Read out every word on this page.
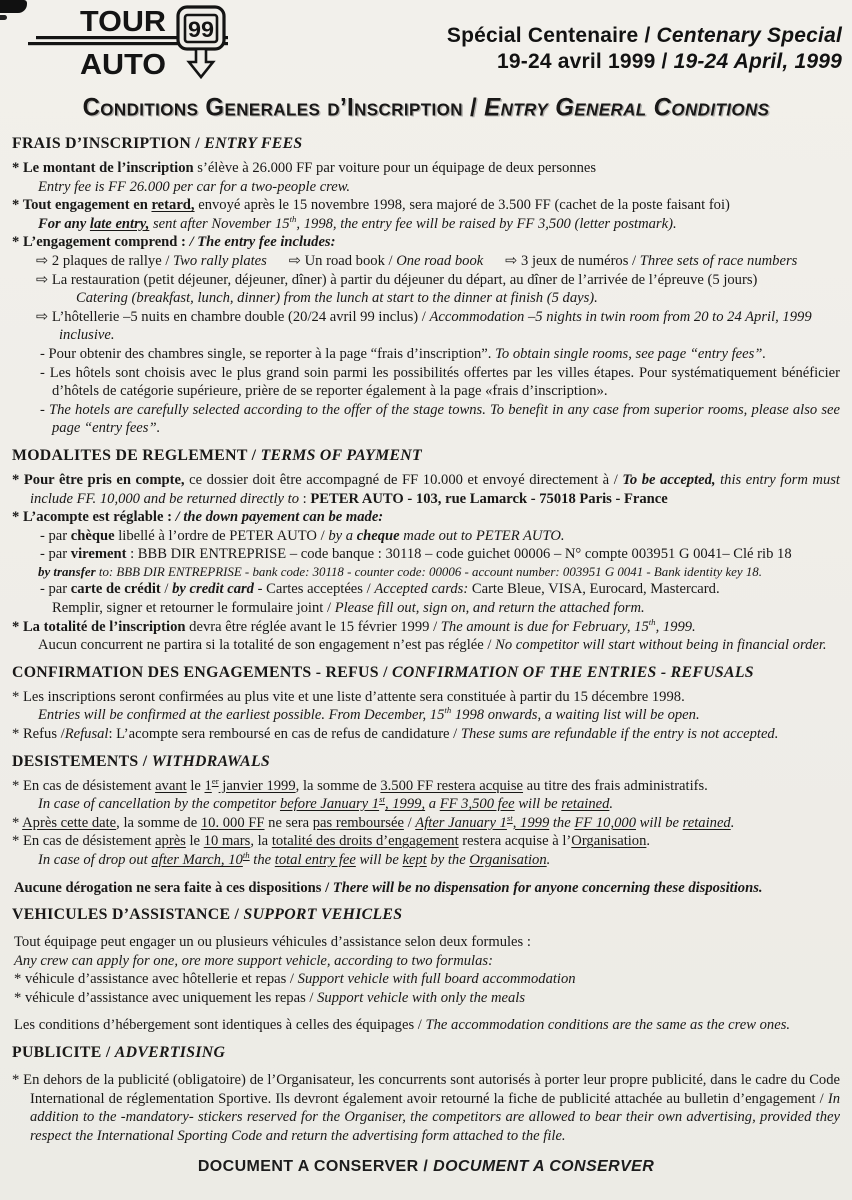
99
TOUR
AUTO
Spécial Centenaire / Centenary Special
19-24 avril 1999 / 19-24 April, 1999
Conditions Generales d’Inscription / Entry General Conditions
FRAIS D’INSCRIPTION / ENTRY FEES
* Le montant de l’inscription s’élève à 26.000 FF par voiture pour un équipage de deux personnes
Entry fee is FF 26.000 per car for a two-people crew.
* Tout engagement en retard, envoyé après le 15 novembre 1998, sera majoré de 3.500 FF (cachet de la poste faisant foi)
For any late entry, sent after November 15th, 1998, the entry fee will be raised by FF 3,500 (letter postmark).
* L’engagement comprend : / The entry fee includes:
⇨ 2 plaques de rallye / Two rally plates  ⇨ Un road book / One road book  ⇨ 3 jeux de numéros / Three sets of race numbers
⇨ La restauration (petit déjeuner, déjeuner, dîner) à partir du déjeuner du départ, au dîner de l’arrivée de l’épreuve (5 jours)
Catering (breakfast, lunch, dinner) from the lunch at start to the dinner at finish (5 days).
⇨ L’hôtellerie –5 nuits en chambre double (20/24 avril 99 inclus) / Accommodation –5 nights in twin room from 20 to 24 April, 1999 inclusive.
- Pour obtenir des chambres single, se reporter à la page “frais d’inscription”. To obtain single rooms, see page “entry fees”.
- Les hôtels sont choisis avec le plus grand soin parmi les possibilités offertes par les villes étapes. Pour systématiquement bénéficier d’hôtels de catégorie supérieure, prière de se reporter également à la page «frais d’inscription».
- The hotels are carefully selected according to the offer of the stage towns. To benefit in any case from superior rooms, please also see page “entry fees”.
MODALITES DE REGLEMENT / TERMS OF PAYMENT
* Pour être pris en compte, ce dossier doit être accompagné de FF 10.000 et envoyé directement à / To be accepted, this entry form must include FF. 10,000 and be returned directly to : PETER AUTO - 103, rue Lamarck - 75018 Paris - France
* L’acompte est réglable : / the down payement can be made:
- par chèque libellé à l’ordre de PETER AUTO / by a cheque made out to PETER AUTO.
- par virement : BBB DIR ENTREPRISE – code banque : 30118 – code guichet 00006 – N° compte 003951 G 0041– Clé rib 18
by transfer to: BBB DIR ENTREPRISE - bank code: 30118 - counter code: 00006 - account number: 003951 G 0041 - Bank identity key 18.
- par carte de crédit / by credit card - Cartes acceptées / Accepted cards: Carte Bleue, VISA, Eurocard, Mastercard.
Remplir, signer et retourner le formulaire joint / Please fill out, sign on, and return the attached form.
* La totalité de l’inscription devra être réglée avant le 15 février 1999 / The amount is due for February, 15th, 1999.
Aucun concurrent ne partira si la totalité de son engagement n’est pas réglée / No competitor will start without being in financial order.
CONFIRMATION DES ENGAGEMENTS - REFUS / CONFIRMATION OF THE ENTRIES - REFUSALS
* Les inscriptions seront confirmées au plus vite et une liste d’attente sera constituée à partir du 15 décembre 1998.
Entries will be confirmed at the earliest possible. From December, 15th 1998 onwards, a waiting list will be open.
* Refus /Refusal: L’acompte sera remboursé en cas de refus de candidature / These sums are refundable if the entry is not accepted.
DESISTEMENTS / WITHDRAWALS
* En cas de désistement avant le 1er janvier 1999, la somme de 3.500 FF restera acquise au titre des frais administratifs.
In case of cancellation by the competitor before January 1st, 1999, a FF 3,500 fee will be retained.
* Après cette date, la somme de 10. 000 FF ne sera pas remboursée / After January 1st, 1999 the FF 10,000 will be retained.
* En cas de désistement après le 10 mars, la totalité des droits d’engagement restera acquise à l’Organisation.
In case of drop out after March, 10th the total entry fee will be kept by the Organisation.
Aucune dérogation ne sera faite à ces dispositions / There will be no dispensation for anyone concerning these dispositions.
VEHICULES D’ASSISTANCE / SUPPORT VEHICLES
Tout équipage peut engager un ou plusieurs véhicules d’assistance selon deux formules :
Any crew can apply for one, ore more support vehicle, according to two formulas:
* véhicule d’assistance avec hôtellerie et repas / Support vehicle with full board accommodation
* véhicule d’assistance avec uniquement les repas / Support vehicle with only the meals
Les conditions d’hébergement sont identiques à celles des équipages / The accommodation conditions are the same as the crew ones.
PUBLICITE / ADVERTISING
* En dehors de la publicité (obligatoire) de l’Organisateur, les concurrents sont autorisés à porter leur propre publicité, dans le cadre du Code International de réglementation Sportive. Ils devront également avoir retourné la fiche de publicité attachée au bulletin d’engagement / In addition to the -mandatory- stickers reserved for the Organiser, the competitors are allowed to bear their own advertising, provided they respect the International Sporting Code and return the advertising form attached to the file.
DOCUMENT A CONSERVER / DOCUMENT A CONSERVER
